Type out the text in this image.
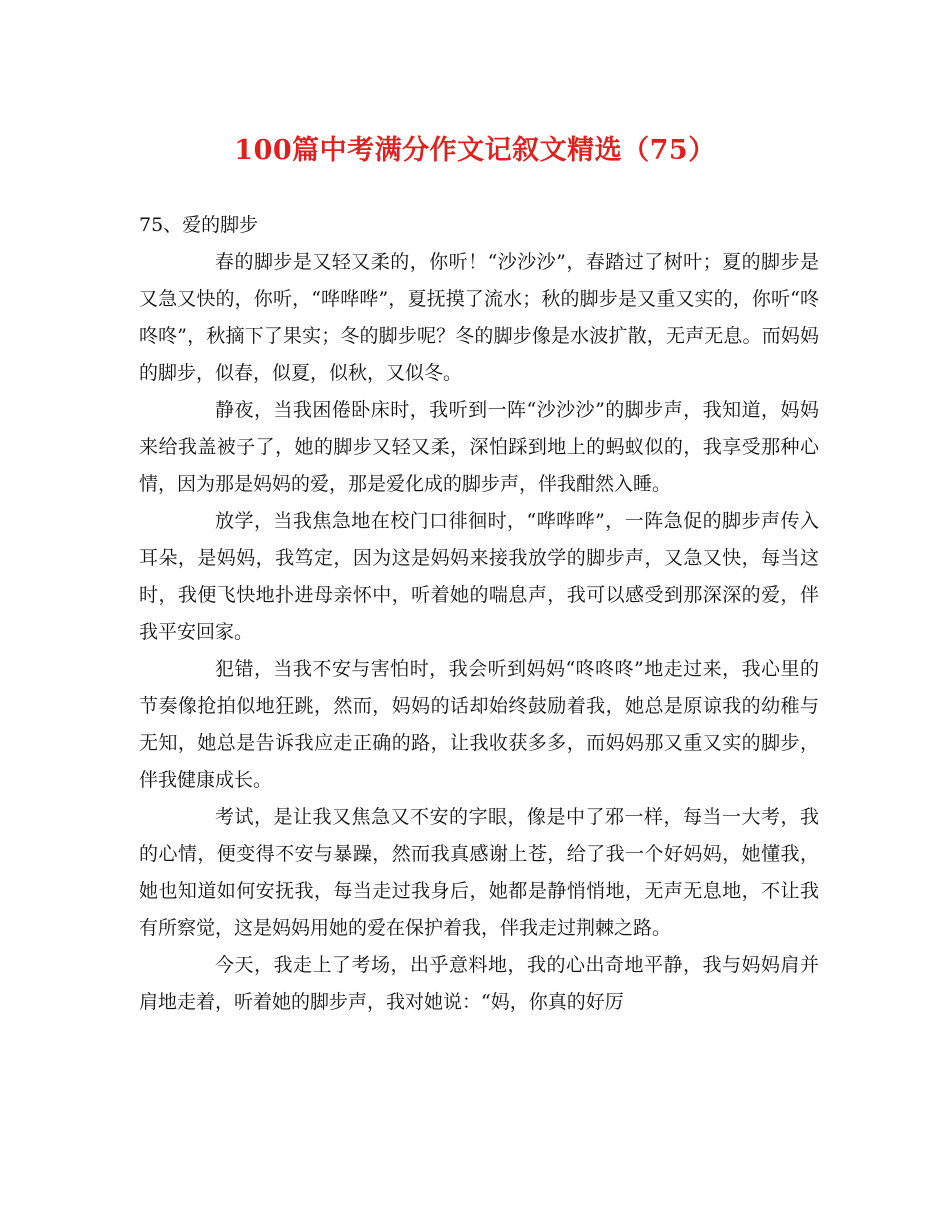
100篇中考满分作文记叙文精选（75）

75、爱的脚步

春的脚步是又轻又柔的，你听！“沙沙沙”，春踏过了树叶；夏的脚步是又急又快的，你听，“哗哗哗”，夏抚摸了流水；秋的脚步是又重又实的，你听“咚咚咚”，秋摘下了果实；冬的脚步呢？冬的脚步像是水波扩散，无声无息。而妈妈的脚步，似春，似夏，似秋，又似冬。

静夜，当我困倦卧床时，我听到一阵“沙沙沙”的脚步声，我知道，妈妈来给我盖被子了，她的脚步又轻又柔，深怕踩到地上的蚂蚁似的，我享受那种心情，因为那是妈妈的爱，那是爱化成的脚步声，伴我酣然入睡。

放学，当我焦急地在校门口徘徊时，“哗哗哗”，一阵急促的脚步声传入耳朵，是妈妈，我笃定，因为这是妈妈来接我放学的脚步声，又急又快，每当这时，我便飞快地扑进母亲怀中，听着她的喘息声，我可以感受到那深深的爱，伴我平安回家。

犯错，当我不安与害怕时，我会听到妈妈“咚咚咚”地走过来，我心里的节奏像抢拍似地狂跳，然而，妈妈的话却始终鼓励着我，她总是原谅我的幼稚与无知，她总是告诉我应走正确的路，让我收获多多，而妈妈那又重又实的脚步，伴我健康成长。

考试，是让我又焦急又不安的字眼，像是中了邪一样，每当一大考，我的心情，便变得不安与暴躁，然而我真感谢上苍，给了我一个好妈妈，她懂我，她也知道如何安抚我，每当走过我身后，她都是静悄悄地，无声无息地，不让我有所察觉，这是妈妈用她的爱在保护着我，伴我走过荆棘之路。

今天，我走上了考场，出乎意料地，我的心出奇地平静，我与妈妈肩并肩地走着，听着她的脚步声，我对她说：“妈，你真的好厉
